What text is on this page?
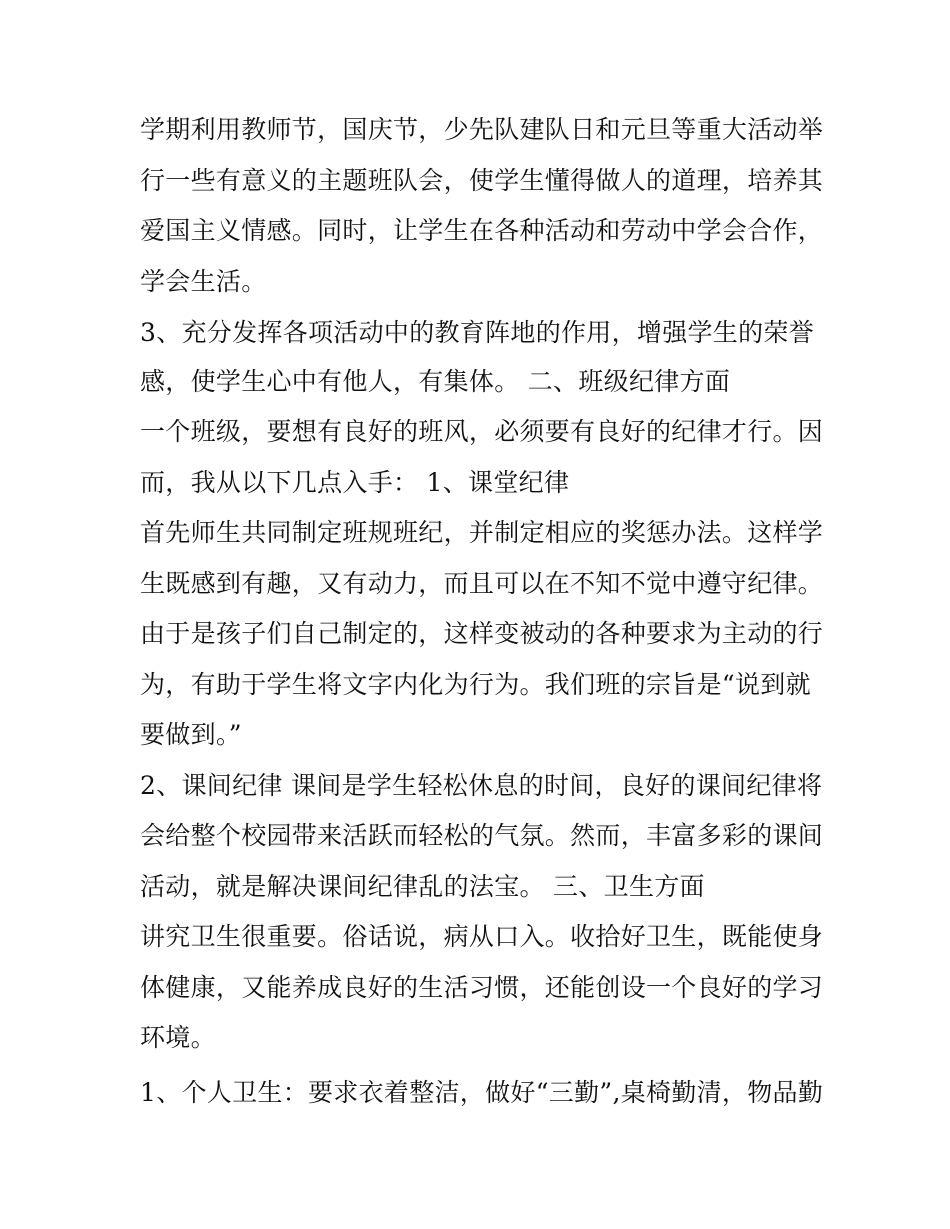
学期利用教师节，国庆节，少先队建队日和元旦等重大活动举
行一些有意义的主题班队会，使学生懂得做人的道理，培养其
爱国主义情感。同时，让学生在各种活动和劳动中学会合作，
学会生活。
3、充分发挥各项活动中的教育阵地的作用，增强学生的荣誉
感，使学生心中有他人，有集体。 二、班级纪律方面
一个班级，要想有良好的班风，必须要有良好的纪律才行。因
而，我从以下几点入手： 1、课堂纪律
首先师生共同制定班规班纪，并制定相应的奖惩办法。这样学
生既感到有趣，又有动力，而且可以在不知不觉中遵守纪律。
由于是孩子们自己制定的，这样变被动的各种要求为主动的行
为，有助于学生将文字内化为行为。我们班的宗旨是“说到就
要做到。”
2、课间纪律 课间是学生轻松休息的时间，良好的课间纪律将
会给整个校园带来活跃而轻松的气氛。然而，丰富多彩的课间
活动，就是解决课间纪律乱的法宝。 三、卫生方面
讲究卫生很重要。俗话说，病从口入。收拾好卫生，既能使身
体健康，又能养成良好的生活习惯，还能创设一个良好的学习
环境。
1、个人卫生：要求衣着整洁，做好“三勤”,桌椅勤清，物品勤
